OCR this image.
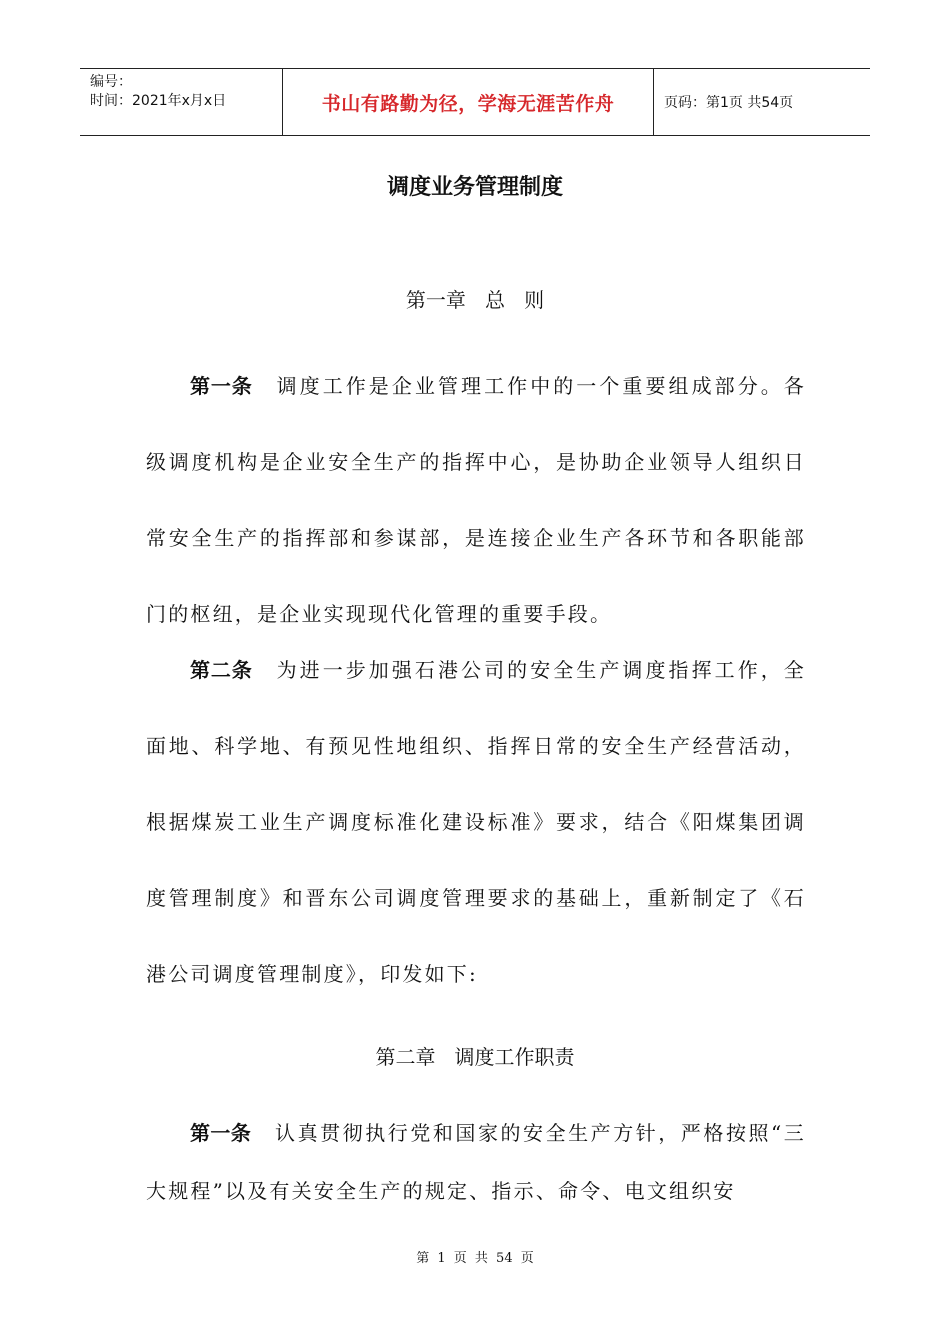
编号：
时间：2021年x月x日	书山有路勤为径，学海无涯苦作舟	页码：第1页 共54页
调度业务管理制度
第一章   总   则

第一条 调度工作是企业管理工作中的一个重要组成部分。各级调度机构是企业安全生产的指挥中心，是协助企业领导人组织日常安全生产的指挥部和参谋部，是连接企业生产各环节和各职能部门的枢纽，是企业实现现代化管理的重要手段。

第二条 为进一步加强石港公司的安全生产调度指挥工作，全面地、科学地、有预见性地组织、指挥日常的安全生产经营活动，根据煤炭工业生产调度标准化建设标准》要求，结合《阳煤集团调度管理制度》和晋东公司调度管理要求的基础上，重新制定了《石港公司调度管理制度》，印发如下:

第二章   调度工作职责

第一条 认真贯彻执行党和国家的安全生产方针，严格按照“三大规程”以及有关安全生产的规定、指示、命令、电文组织安

第 1 页 共 54 页
